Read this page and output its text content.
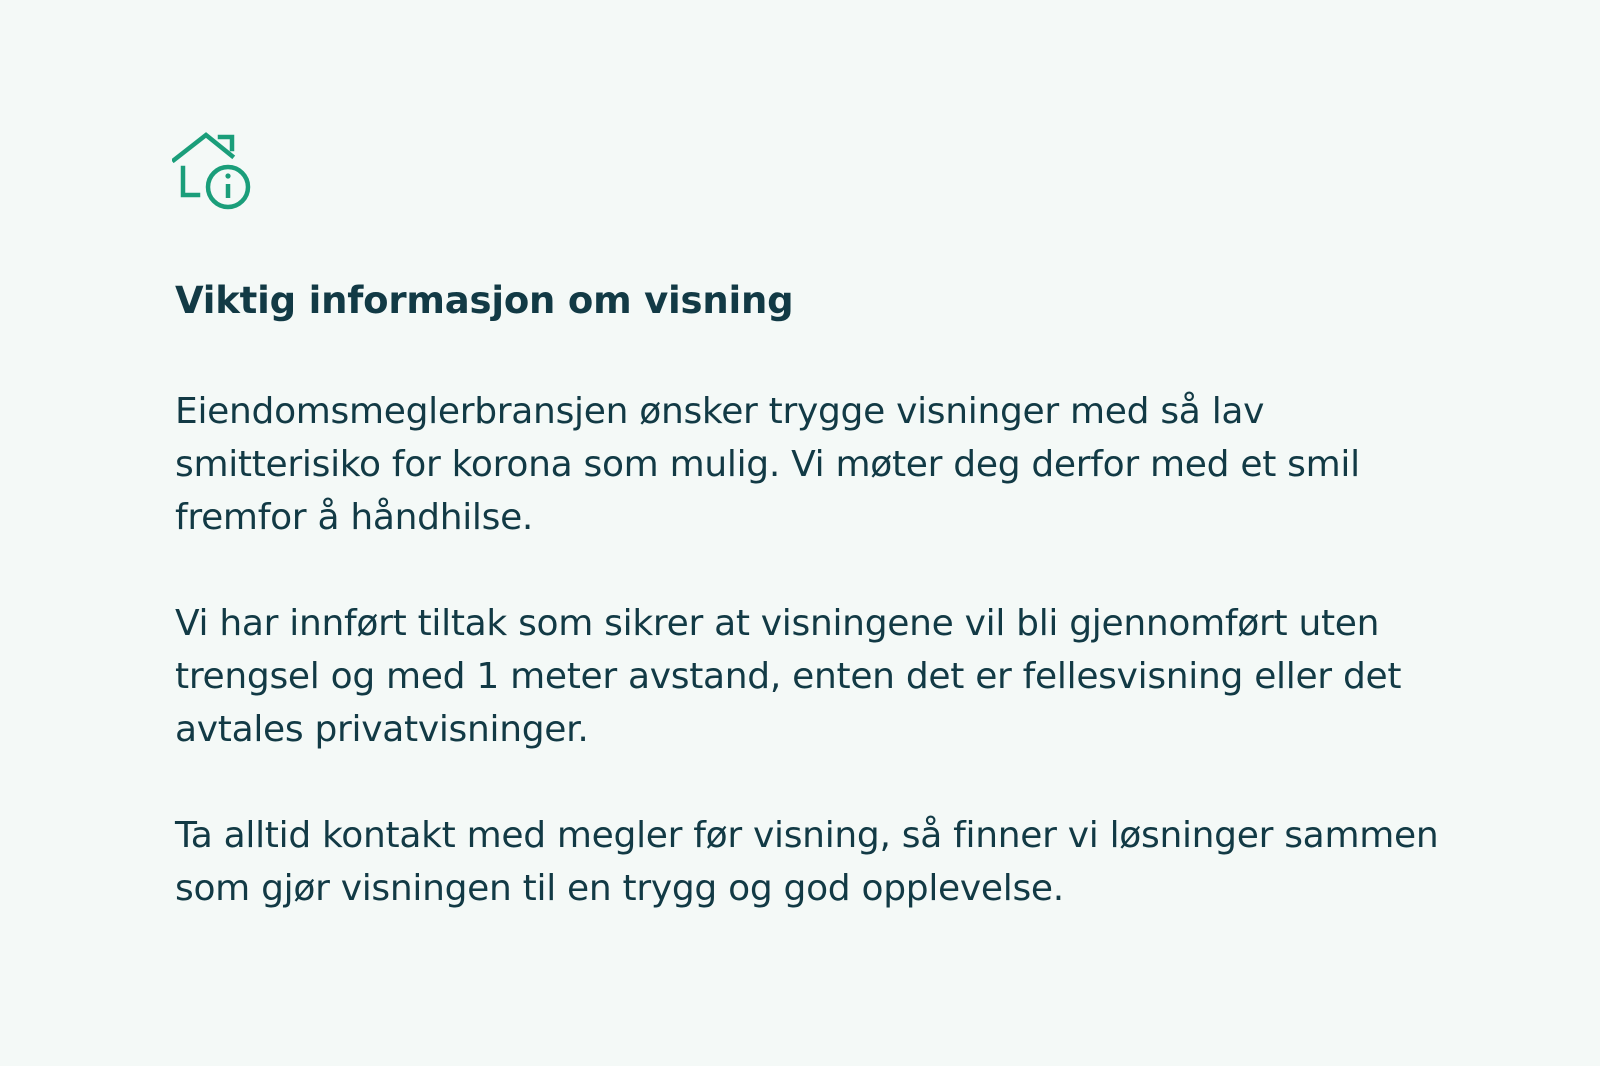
Viktig informasjon om visning

Eiendomsmeglerbransjen ønsker trygge visninger med så lav smitterisiko for korona som mulig. Vi møter deg derfor med et smil fremfor å håndhilse.

Vi har innført tiltak som sikrer at visningene vil bli gjennomført uten trengsel og med 1 meter avstand, enten det er fellesvisning eller det avtales privatvisninger.

Ta alltid kontakt med megler før visning, så finner vi løsninger sammen som gjør visningen til en trygg og god opplevelse.
